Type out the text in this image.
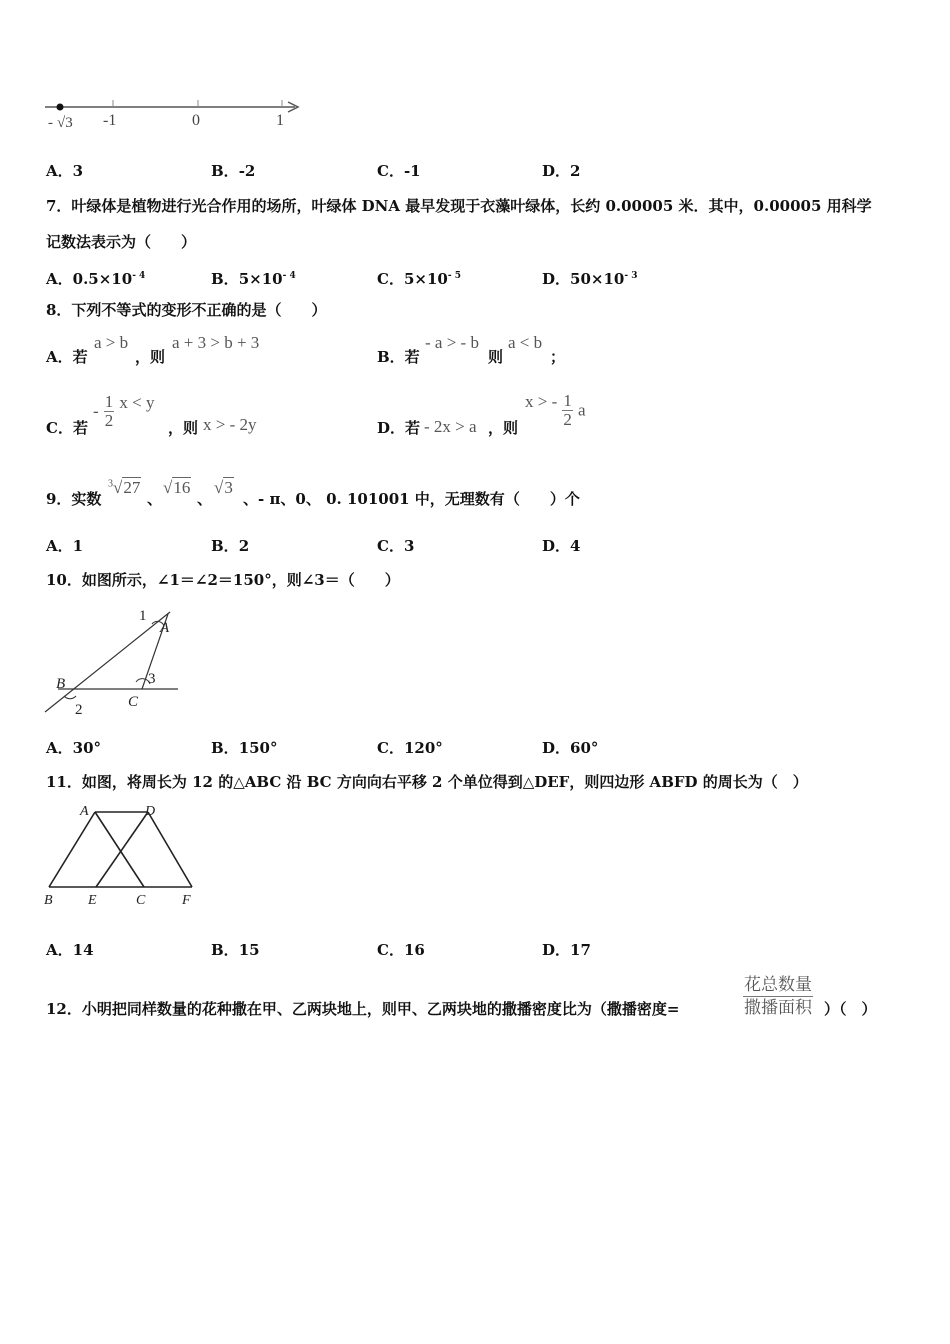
- √3 -1	0	1
A．3	B．-2	C．-1	D．2
7．叶绿体是植物进行光合作用的场所，叶绿体 DNA 最早发现于衣藻叶绿体，长约 0.00005 米．其中，0.00005 用科学
记数法表示为（　　）
A．$0.5\times 10^{- 4}$	B．$5\times 10^{- 4}$	C．$5\times 10^{- 5}$	D．$50\times 10^{- 3}$
8．下列不等式的变形不正确的是（　　）
A．若
a > b
，则
a + 3 > b + 3
B．若
- a > - b
则
a < b
；
C．若
- $\frac{1}{2}$ x < y
，则 x > - 2y	D．若 - 2x > a ，则
x > - $\frac{1}{2}$ a
9．实数
$^3$√27
、
√16
、
√3
、- π、0、 0. 101001 中，无理数有（　　）个
A．1	B．2	C．3	D．4
10．如图所示，∠1＝∠2＝150°，则∠3＝（　　）
1
A
B
2	C
3
A．30°	B．150°	C．120°	D．60°
11．如图，将周长为 12 的△ABC 沿 BC 方向向右平移 2 个单位得到△DEF，则四边形 ABFD 的周长为（　）
A	D
B	E	C	F
A．14	B．15	C．16	D．17
12．小明把同样数量的花种撒在甲、乙两块地上，则甲、乙两块地的撒播密度比为（撒播密度=	$\frac{\text{花总数量}}{\text{撒播面积}}$ ）（　）
